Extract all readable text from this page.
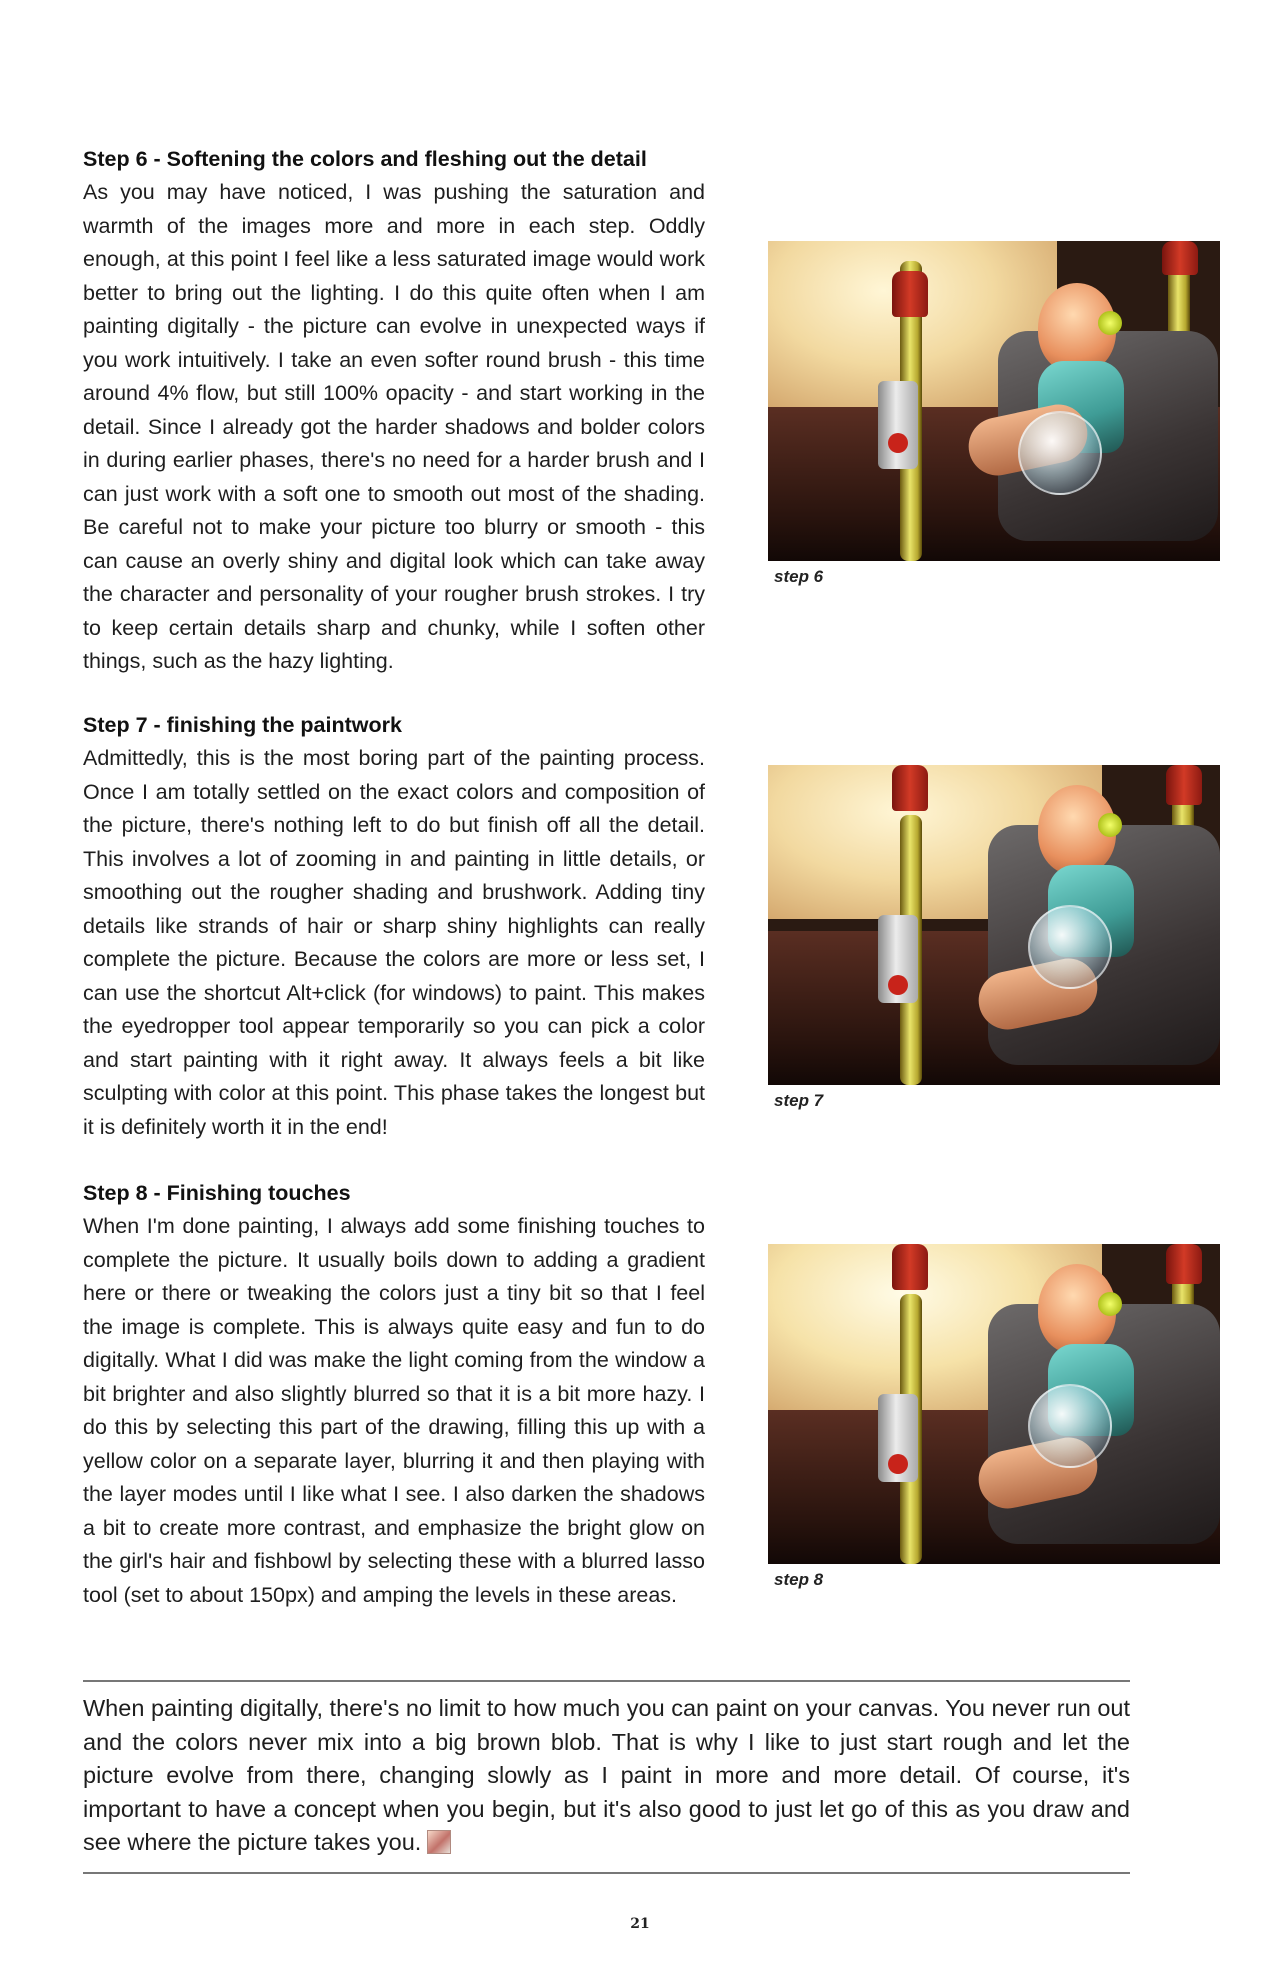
Step 6 - Softening the colors and fleshing out the detail

As you may have noticed, I was pushing the saturation and warmth of the images more and more in each step. Oddly enough, at this point I feel like a less saturated image would work better to bring out the lighting. I do this quite often when I am painting digitally - the picture can evolve in unexpected ways if you work intuitively. I take an even softer round brush - this time around 4% flow, but still 100% opacity - and start working in the detail. Since I already got the harder shadows and bolder colors in during earlier phases, there's no need for a harder brush and I can just work with a soft one to smooth out most of the shading. Be careful not to make your picture too blurry or smooth - this can cause an overly shiny and digital look which can take away the character and personality of your rougher brush strokes. I try to keep certain details sharp and chunky, while I soften other things, such as the hazy lighting.

step 6
Step 7 - finishing the paintwork

Admittedly, this is the most boring part of the painting process. Once I am totally settled on the exact colors and composition of the picture, there's nothing left to do but finish off all the detail. This involves a lot of zooming in and painting in little details, or smoothing out the rougher shading and brushwork. Adding tiny details like strands of hair or sharp shiny highlights can really complete the picture. Because the colors are more or less set, I can use the shortcut Alt+click (for windows) to paint. This makes the eyedropper tool appear temporarily so you can pick a color and start painting with it right away. It always feels a bit like sculpting with color at this point. This phase takes the longest but it is definitely worth it in the end!

step 7
Step 8 - Finishing touches

When I'm done painting, I always add some finishing touches to complete the picture. It usually boils down to adding a gradient here or there or tweaking the colors just a tiny bit so that I feel the image is complete. This is always quite easy and fun to do digitally. What I did was make the light coming from the window a bit brighter and also slightly blurred so that it is a bit more hazy. I do this by selecting this part of the drawing, filling this up with a yellow color on a separate layer, blurring it and then playing with the layer modes until I like what I see. I also darken the shadows a bit to create more contrast, and emphasize the bright glow on the girl's hair and fishbowl by selecting these with a blurred lasso tool (set to about 150px) and amping the levels in these areas.

step 8

When painting digitally, there's no limit to how much you can paint on your canvas. You never run out and the colors never mix into a big brown blob. That is why I like to just start rough and let the picture evolve from there, changing slowly as I paint in more and more detail. Of course, it's important to have a concept when you begin, but it's also good to just let go of this as you draw and see where the picture takes you.

21
